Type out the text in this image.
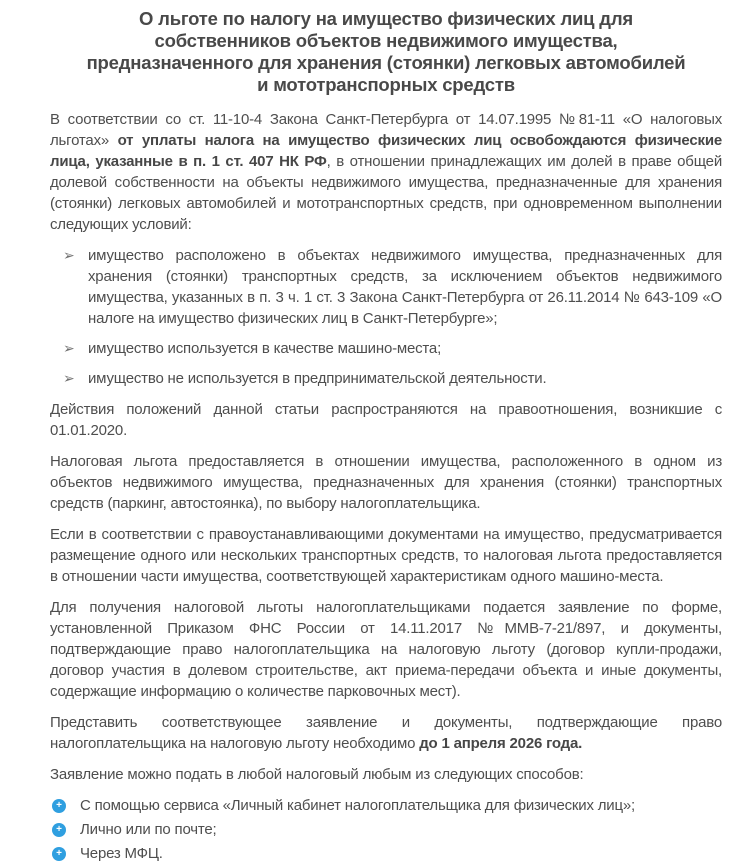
О льготе по налогу на имущество физических лиц для
собственников объектов недвижимого имущества,
предназначенного для хранения (стоянки) легковых автомобилей
и мототранспорных средств

В соответствии со ст. 11-10-4 Закона Санкт-Петербурга от 14.07.1995 №81-11 «О налоговых льготах» от уплаты налога на имущество физических лиц освобождаются физические лица, указанные в п. 1 ст. 407 НК РФ, в отношении принадлежащих им долей в праве общей долевой собственности на объекты недвижимого имущества, предназначенные для хранения (стоянки) легковых автомобилей и мототранспортных средств, при одновременном выполнении следующих условий:

➢ имущество расположено в объектах недвижимого имущества, предназначенных для хранения (стоянки) транспортных средств, за исключением объектов недвижимого имущества, указанных в п. 3 ч. 1 ст. 3 Закона Санкт-Петербурга от 26.11.2014 № 643-109 «О налоге на имущество физических лиц в Санкт-Петербурге»;
➢ имущество используется в качестве машино-места;
➢ имущество не используется в предпринимательской деятельности.

Действия положений данной статьи распространяются на правоотношения, возникшие с 01.01.2020.

Налоговая льгота предоставляется в отношении имущества, расположенного в одном из объектов недвижимого имущества, предназначенных для хранения (стоянки) транспортных средств (паркинг, автостоянка), по выбору налогоплательщика.

Если в соответствии с правоустанавливающими документами на имущество, предусматривается размещение одного или нескольких транспортных средств, то налоговая льгота предоставляется в отношении части имущества, соответствующей характеристикам одного машино-места.

Для получения налоговой льготы налогоплательщиками подается заявление по форме, установленной Приказом ФНС России от 14.11.2017 №ММВ-7-21/897, и документы, подтверждающие право налогоплательщика на налоговую льготу (договор купли-продажи, договор участия в долевом строительстве, акт приема-передачи объекта и иные документы, содержащие информацию о количестве парковочных мест).

Представить соответствующее заявление и документы, подтверждающие право налогоплательщика на налоговую льготу необходимо до 1 апреля 2026 года.

Заявление можно подать в любой налоговый любым из следующих способов:

+ С помощью сервиса «Личный кабинет налогоплательщика для физических лиц»;
+ Лично или по почте;
+ Через МФЦ.
